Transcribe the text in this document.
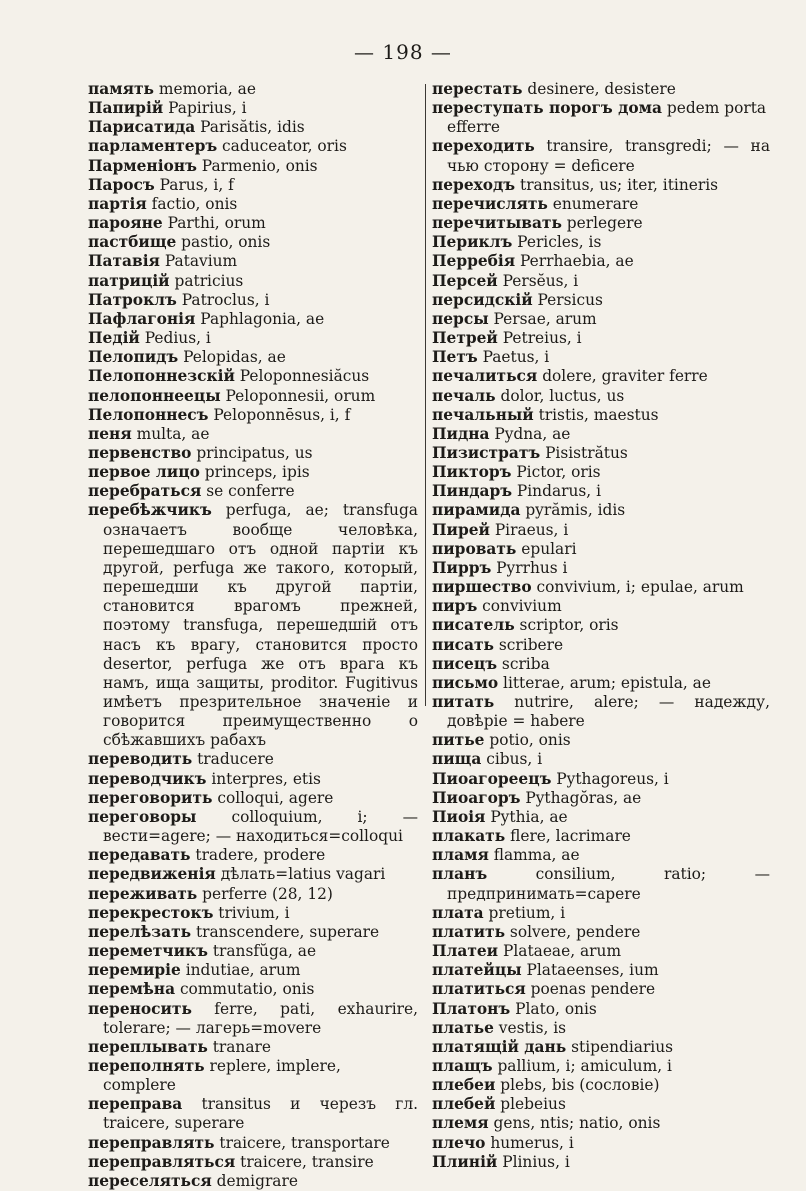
— 198 —

память memoria, ae

Папирій Papirius, i

Парисатида Parisătis, idis

парламентеръ caduceator, oris

Парменіонъ Parmenio, onis

Паросъ Parus, i, f

партія factio, onis

парояне Parthi, orum

пастбище pastio, onis

Патавія Patavium

патрицій patricius

Патроклъ Patroclus, i

Пафлагонія Paphlagonia, ae

Педій Pedius, i

Пелопидъ Pelopidas, ae

Пелопоннезскій Peloponnesiăcus

пелопоннеецы Peloponnesii, orum

Пелопоннесъ Peloponnēsus, i, f

пеня multa, ae

первенство principatus, us

первое лицо princeps, ipis

перебраться se conferre

перебѣжчикъ perfuga, ae; transfuga означаетъ вообще человѣка, перешедшаго отъ одной партіи къ другой, perfuga же такого, который, перешедши къ другой партіи, становится врагомъ прежней, поэтому transfuga, перешедшій отъ насъ къ врагу, становится просто desertor, perfuga же отъ врага къ намъ, ища защиты, proditor. Fugitivus имѣетъ презрительное значеніе и говорится преимущественно о сбѣжавшихъ рабахъ

переводить traducere

переводчикъ interpres, etis

переговорить colloqui, agere

переговоры colloquium, i; — вести=agere; — находиться=colloqui

передавать tradere, prodere

передвиженія дѣлать=latius vagari

переживать perferre (28, 12)

перекрестокъ trivium, i

перелѣзать transcendere, superare

переметчикъ transfŭga, ae

перемиріе indutiae, arum

перемѣна commutatio, onis

переносить ferre, pati, exhaurire, tolerare; — лагерь=movere

переплывать tranare

переполнять replere, implere, complere

переправа transitus и черезъ гл. traicere, superare

переправлять traicere, transportare

переправляться traicere, transire

переселяться demigrare

перестать desinere, desistere

переступать порогъ дома pedem porta efferre

переходить transire, transgredi; — на чью сторону = deficere

переходъ transitus, us; iter, itineris

перечислять enumerare

перечитывать perlegere

Периклъ Pericles, is

Перребія Perrhaebia, ae

Персей Persĕus, i

персидскій Persicus

персы Persae, arum

Петрей Petreius, i

Петъ Paetus, i

печалиться dolere, graviter ferre

печаль dolor, luctus, us

печальный tristis, maestus

Пидна Pydna, ae

Пизистратъ Pisistrătus

Пикторъ Pictor, oris

Пиндаръ Pindarus, i

пирамида pyrămis, idis

Пирей Piraeus, i

пировать epulari

Пирръ Pyrrhus i

пиршество convivium, i; epulae, arum

пиръ convivium

писатель scriptor, oris

писать scribere

писецъ scriba

письмо litterae, arum; epistula, ae

питать nutrire, alere; — надежду, довѣріе = habere

питье potio, onis

пища cibus, i

Пиоагореецъ Pythagoreus, i

Пиоагоръ Pythagŏras, ae

Пиоія Pythia, ae

плакать flere, lacrimare

пламя flamma, ae

планъ consilium, ratio; — предпринимать=capere

плата pretium, i

платить solvere, pendere

Платеи Plataeae, arum

платейцы Plataeenses, ium

платиться poenas pendere

Платонъ Plato, onis

платье vestis, is

платящій дань stipendiarius

плащъ pallium, i; amiculum, i

плебеи plebs, bis (сословіе)

плебей plebeius

племя gens, ntis; natio, onis

плечо humerus, i

Плиній Plinius, i
